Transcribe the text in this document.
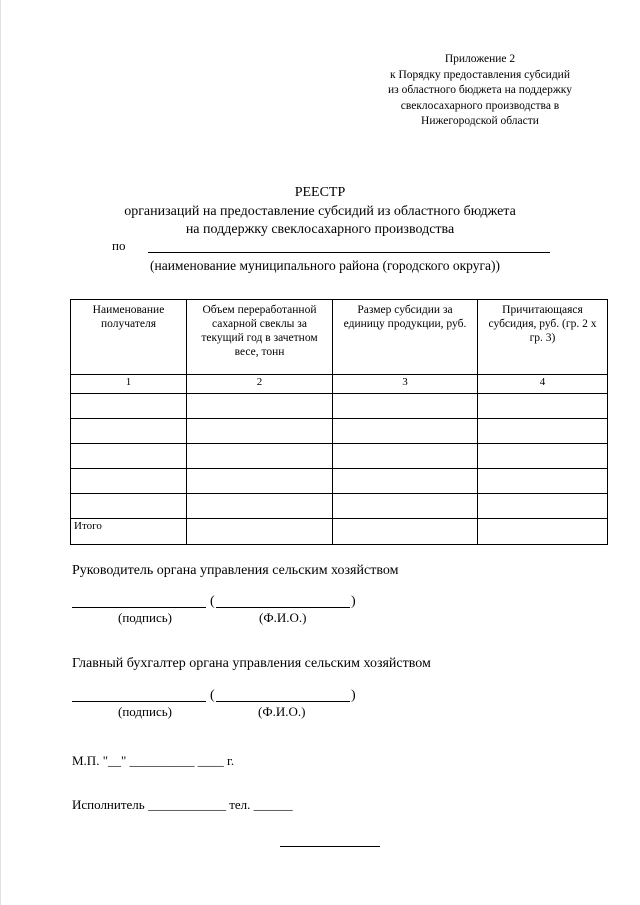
Приложение 2
к Порядку предоставления субсидий
из областного бюджета на поддержку
свеклосахарного производства в
Нижегородской области
РЕЕСТР
организаций на предоставление субсидий из областного бюджета
на поддержку свеклосахарного производства
по
(наименование муниципального района (городского округа))
Наименование получателя	Объем переработанной сахарной свеклы за текущий год в зачетном весе, тонн	Размер субсидии за единицу продукции, руб.	Причитающаяся субсидия, руб. (гр. 2 х гр. 3)
1	2	3	4

Итого			
Руководитель органа управления сельским хозяйством
(	)
(подпись)	(Ф.И.О.)
Главный бухгалтер органа управления сельским хозяйством
(	)
(подпись)	(Ф.И.О.)
М.П. "__" __________ ____ г.
Исполнитель ____________ тел. ______
